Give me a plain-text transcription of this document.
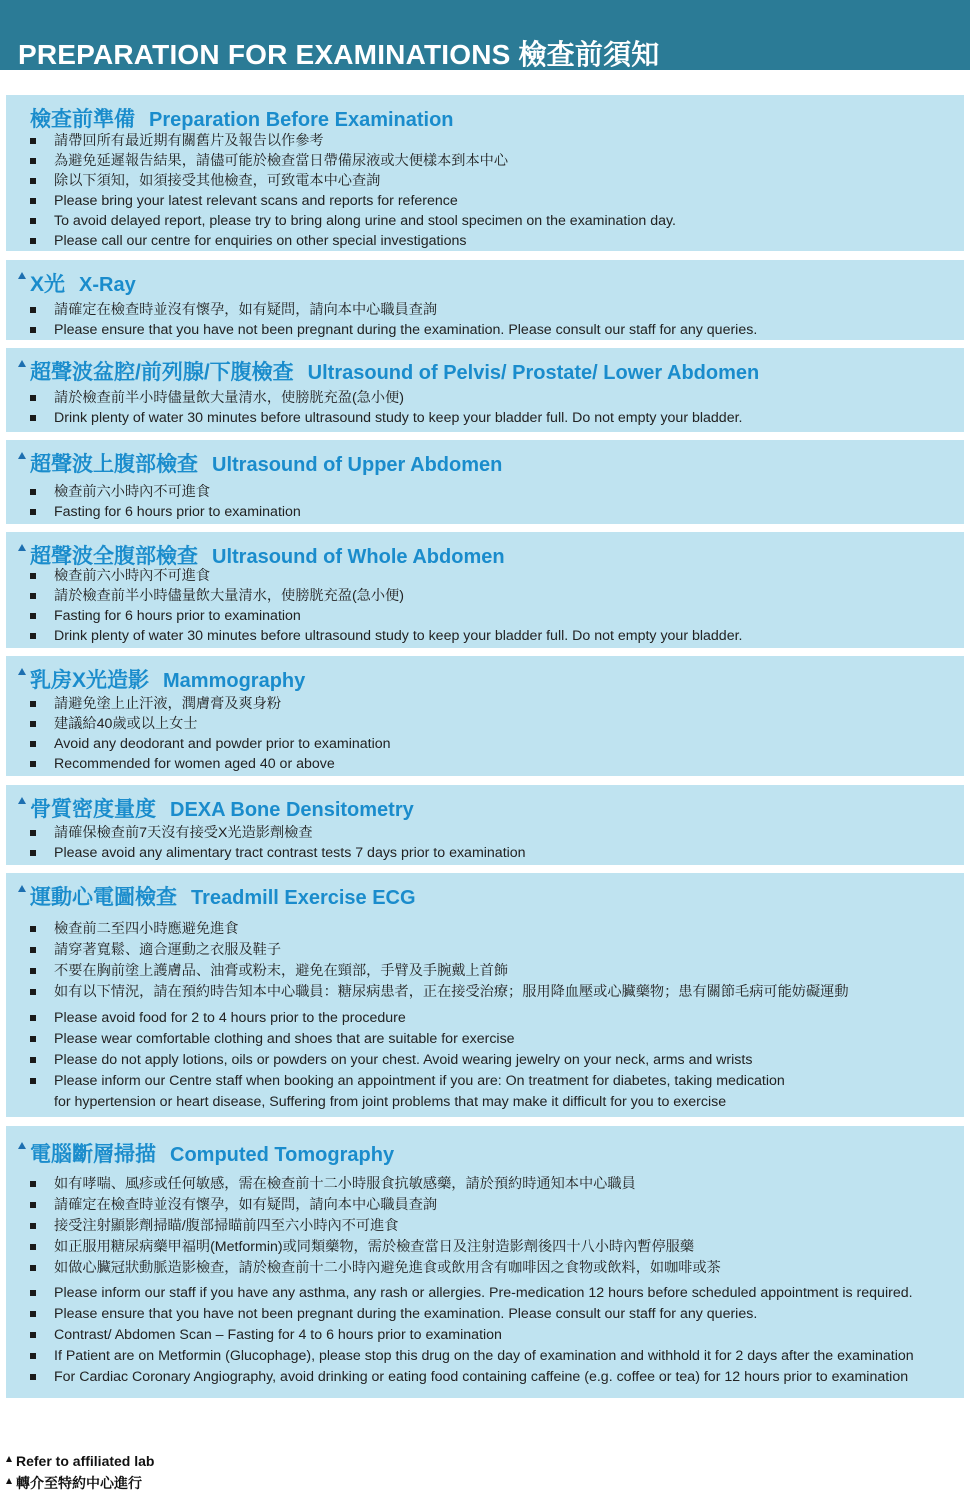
PREPARATION FOR EXAMINATIONS 檢查前須知
檢查前準備 Preparation Before Examination
請帶回所有最近期有關舊片及報告以作參考
為避免延遲報告結果，請儘可能於檢查當日帶備尿液或大便樣本到本中心
除以下須知，如須接受其他檢查，可致電本中心查詢
Please bring your latest relevant scans and reports for reference
To avoid delayed report, please try to bring along urine and stool specimen on the examination day.
Please call our centre for enquiries on other special investigations
X光 X-Ray
請確定在檢查時並沒有懷孕，如有疑問，請向本中心職員查詢
Please ensure that you have not been pregnant during the examination. Please consult our staff for any queries.
超聲波盆腔/前列腺/下腹檢查 Ultrasound of Pelvis/ Prostate/ Lower Abdomen
請於檢查前半小時儘量飲大量清水，使膀胱充盈(急小便)
Drink plenty of water 30 minutes before ultrasound study to keep your bladder full. Do not empty your bladder.
超聲波上腹部檢查 Ultrasound of Upper Abdomen
檢查前六小時內不可進食
Fasting for 6 hours prior to examination
超聲波全腹部檢查 Ultrasound of Whole Abdomen
檢查前六小時內不可進食
請於檢查前半小時儘量飲大量清水，使膀胱充盈(急小便)
Fasting for 6 hours prior to examination
Drink plenty of water 30 minutes before ultrasound study to keep your bladder full. Do not empty your bladder.
乳房X光造影 Mammography
請避免塗上止汗液，潤膚膏及爽身粉
建議給40歲或以上女士
Avoid any deodorant and powder prior to examination
Recommended for women aged 40 or above
骨質密度量度 DEXA Bone Densitometry
請確保檢查前7天沒有接受X光造影劑檢查
Please avoid any alimentary tract contrast tests 7 days prior to examination
運動心電圖檢查 Treadmill Exercise ECG
檢查前二至四小時應避免進食
請穿著寬鬆、適合運動之衣服及鞋子
不要在胸前塗上護膚品、油膏或粉末，避免在頸部，手臂及手腕戴上首飾
如有以下情況，請在預約時告知本中心職員：糖尿病患者，正在接受治療；服用降血壓或心臟藥物；患有關節毛病可能妨礙運動
Please avoid food for 2 to 4 hours prior to the procedure
Please wear comfortable clothing and shoes that are suitable for exercise
Please do not apply lotions, oils or powders on your chest. Avoid wearing jewelry on your neck, arms and wrists
Please inform our Centre staff when booking an appointment if you are: On treatment for diabetes, taking medication
for hypertension or heart disease, Suffering from joint problems that may make it difficult for you to exercise
電腦斷層掃描 Computed Tomography
如有哮喘、風疹或任何敏感，需在檢查前十二小時服食抗敏感藥，請於預約時通知本中心職員
請確定在檢查時並沒有懷孕，如有疑問，請向本中心職員查詢
接受注射顯影劑掃瞄/腹部掃瞄前四至六小時內不可進食
如正服用糖尿病藥甲福明(Metformin)或同類藥物，需於檢查當日及注射造影劑後四十八小時內暫停服藥
如做心臟冠狀動脈造影檢查，請於檢查前十二小時內避免進食或飲用含有咖啡因之食物或飲料，如咖啡或茶
Please inform our staff if you have any asthma, any rash or allergies. Pre-medication 12 hours before scheduled appointment is required.
Please ensure that you have not been pregnant during the examination. Please consult our staff for any queries.
Contrast/ Abdomen Scan – Fasting for 4 to 6 hours prior to examination
If Patient are on Metformin (Glucophage), please stop this drug on the day of examination and withhold it for 2 days after the examination
For Cardiac Coronary Angiography, avoid drinking or eating food containing caffeine (e.g. coffee or tea) for 12 hours prior to examination
Refer to affiliated lab
轉介至特約中心進行
